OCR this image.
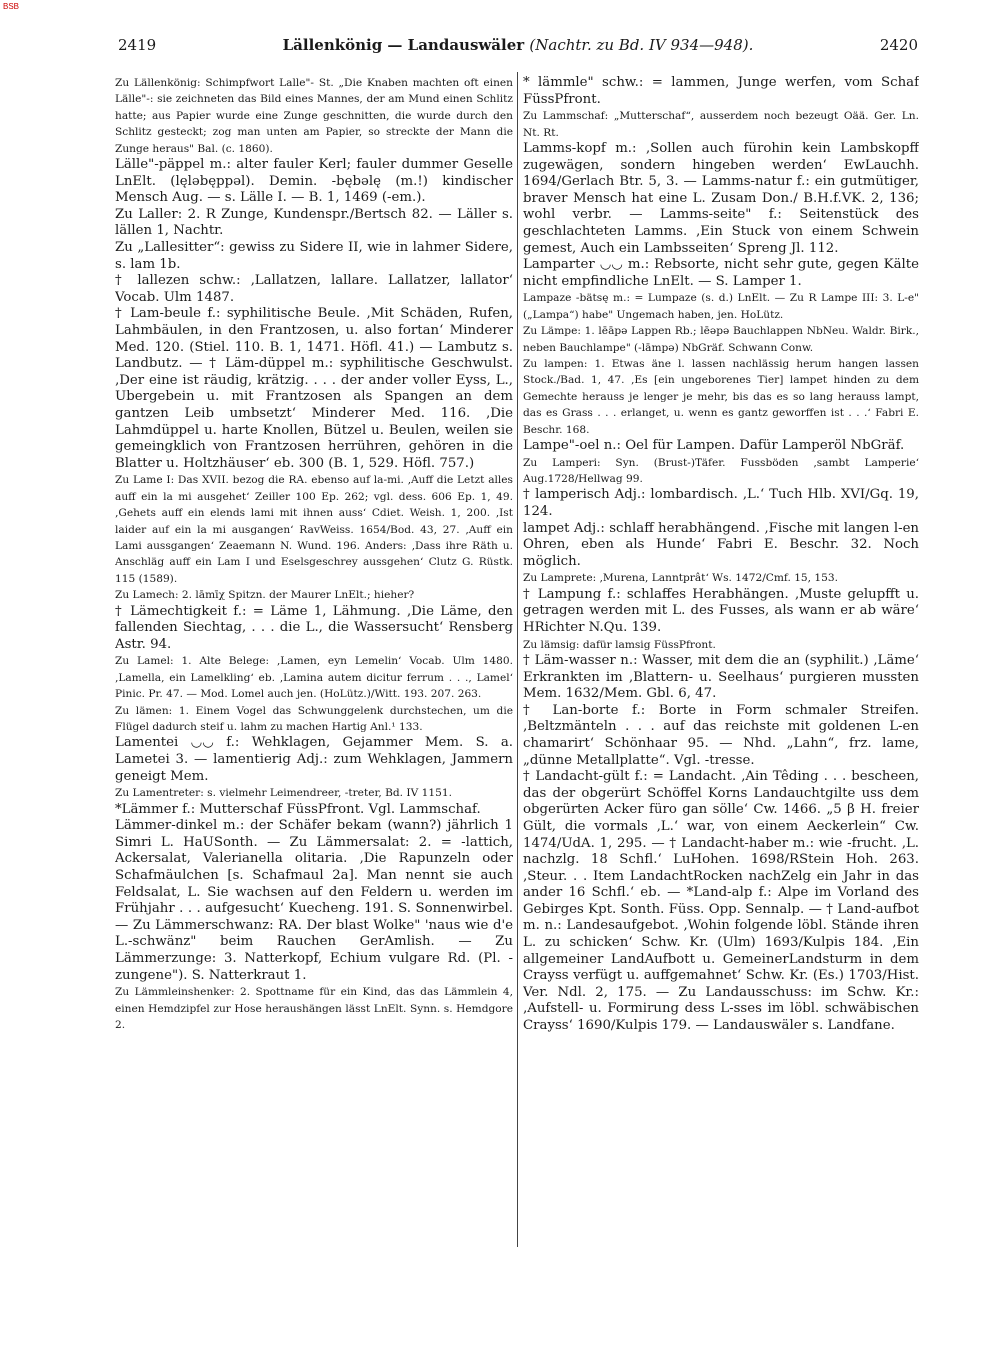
BSB
2419	Lällenkönig — Landauswäler (Nachtr. zu Bd. IV 934—948).	2420

Zu Lällenkönig: Schimpfwort Lalle"- St. „Die Knaben machten oft einen Lälle"-: sie zeichneten das Bild eines Mannes, der am Mund einen Schlitz hatte; aus Papier wurde eine Zunge geschnitten, die wurde durch den Schlitz gesteckt; zog man unten am Papier, so streckte der Mann die Zunge heraus" Bal. (c. 1860).

Lälle"-päppel m.: alter fauler Kerl; fauler dummer Geselle LnElt. (lęlәbęppәl). Demin. -bębәlę (m.!) kindischer Mensch Aug. — s. Lälle I. — B. 1, 1469 (-em.).

Zu Laller: 2. R Zunge, Kundenspr./Bertsch 82. — Läller s. lällen 1, Nachtr.

Zu „Lallesitter“: gewiss zu Sidere II, wie in lahmer Sidere, s. lam 1b.

† lallezen schw.: ‚Lallatzen, lallare. Lallatzer, lallator‘ Vocab. Ulm 1487.

† Lam-beule f.: syphilitische Beule. ‚Mit Schäden, Rufen, Lahmbäulen, in den Frantzosen, u. also fortan‘ Minderer Med. 120. (Stiel. 110. B. 1, 1471. Höfl. 41.) — Lambutz s. Landbutz. — † Läm-düppel m.: syphilitische Geschwulst. ‚Der eine ist räudig, krätzig. . . . der ander voller Eyss, L., Ubergebein u. mit Frantzosen als Spangen an dem gantzen Leib umbsetzt‘ Minderer Med. 116. ‚Die Lahmdüppel u. harte Knollen, Bützel u. Beulen, weilen sie gemeingklich von Frantzosen herrühren, gehören in die Blatter u. Holtzhäuser‘ eb. 300 (B. 1, 529. Höfl. 757.)

Zu Lame I: Das XVII. bezog die RA. ebenso auf la-mi. ‚Auff die Letzt alles auff ein la mi ausgehet‘ Zeiller 100 Ep. 262; vgl. dess. 606 Ep. 1, 49. ‚Gehets auff ein elends lami mit ihnen auss‘ Cdiet. Weish. 1, 200. ‚Ist laider auf ein la mi ausgangen‘ RavWeiss. 1654/Bod. 43, 27. ‚Auff ein Lami aussgangen‘ Zeaemann N. Wund. 196. Anders: ‚Dass ihre Räth u. Anschläg auff ein Lam I und Eselsgeschrey aussgehen‘ Clutz G. Rüstk. 115 (1589).

Zu Lamech: 2. lāmīχ Spitzn. der Maurer LnElt.; hieher?

† Lämechtigkeit f.: = Läme 1, Lähmung. ‚Die Läme, den fallenden Siechtag, . . . die L., die Wassersucht‘ Rensberg Astr. 94.

Zu Lamel: 1. Alte Belege: ‚Lamen, eyn Lemelin‘ Vocab. Ulm 1480. ‚Lamella, ein Lamelkling‘ eb. ‚Lamina autem dicitur ferrum . . ., Lamel‘ Pinic. Pr. 47. — Mod. Lomel auch jen. (HoLütz.)/Witt. 193. 207. 263.

Zu lämen: 1. Einem Vogel das Schwunggelenk durchstechen, um die Flügel dadurch steif u. lahm zu machen Hartig Anl.¹ 133.

Lamentei ◡◡ f.: Wehklagen, Gejammer Mem. S. a. Lametei 3. — lamentierig Adj.: zum Wehklagen, Jammern geneigt Mem.

Zu Lamentreter: s. vielmehr Leimendreer, -treter, Bd. IV 1151.

*Lämmer f.: Mutterschaf FüssPfront. Vgl. Lammschaf.

Lämmer-dinkel m.: der Schäfer bekam (wann?) jährlich 1 Simri L. HaUSonth. — Zu Lämmersalat: 2. = -lattich, Ackersalat, Valerianella olitaria. ‚Die Rapunzeln oder Schafmäulchen [s. Schafmaul 2a]. Man nennt sie auch Feldsalat, L. Sie wachsen auf den Feldern u. werden im Frühjahr . . . aufgesucht‘ Kuecheng. 191. S. Sonnenwirbel. — Zu Lämmerschwanz: RA. Der blast Wolke" 'naus wie d'e L.-schwänz" beim Rauchen GerAmlish. — Zu Lämmerzunge: 3. Natterkopf, Echium vulgare Rd. (Pl. -zungene"). S. Natterkraut 1.

Zu Lämmleinshenker: 2. Spottname für ein Kind, das das Lämmlein 4, einen Hemdzipfel zur Hose heraushängen lässt LnElt. Synn. s. Hemdgore 2.

* lämmle" schw.: = lammen, Junge werfen, vom Schaf FüssPfront.

Zu Lammschaf: „Mutterschaf“, ausserdem noch bezeugt Oää. Ger. Ln. Nt. Rt.

Lamms-kopf m.: ‚Sollen auch fürohin kein Lambskopff zugewägen, sondern hingeben werden‘ EwLauchh. 1694/Gerlach Btr. 5, 3. — Lamms-natur f.: ein gutmütiger, braver Mensch hat eine L. Zusam Don./ B.H.f.VK. 2, 136; wohl verbr. — Lamms-seite" f.: Seitenstück des geschlachteten Lamms. ‚Ein Stuck von einem Schwein gemest, Auch ein Lambsseiten‘ Spreng Jl. 112.

Lamparter ◡◡ m.: Rebsorte, nicht sehr gute, gegen Kälte nicht empfindliche LnElt. — S. Lamper 1.

Lampaze -bätsę m.: = Lumpaze (s. d.) LnElt. — Zu R Lampe III: 3. L-e" („Lampa“) habe" Ungemach haben, jen. HoLütz.

Zu Lämpe: 1. lēāpә Lappen Rb.; lēəpə Bauchlappen NbNeu. Waldr. Birk., neben Bauchlampe" (-lāmpə) NbGräf. Schwann Conw.

Zu lampen: 1. Etwas äne l. lassen nachlässig herum hangen lassen Stock./Bad. 1, 47. ‚Es [ein ungeborenes Tier] lampet hinden zu dem Gemechte herauss je lenger je mehr, bis das es so lang herauss lampt, das es Grass . . . erlanget, u. wenn es gantz geworffen ist . . .‘ Fabri E. Beschr. 168.

Lampe"-oel n.: Oel für Lampen. Dafür Lamperöl NbGräf.

Zu Lamperi: Syn. (Brust-)Täfer. Fussböden ‚sambt Lamperie‘ Aug.1728/Hellwag 99.

† lamperisch Adj.: lombardisch. ‚L.‘ Tuch Hlb. XVI/Gq. 19, 124.

lampet Adj.: schlaff herabhängend. ‚Fische mit langen l-en Ohren, eben als Hunde‘ Fabri E. Beschr. 32. Noch möglich.

Zu Lamprete: ‚Murena, Lanntprât‘ Ws. 1472/Cmf. 15, 153.

† Lampung f.: schlaffes Herabhängen. ‚Muste gelupfft u. getragen werden mit L. des Fusses, als wann er ab wäre‘ HRichter N.Qu. 139.

Zu lämsig: dafür lamsig FüssPfront.

† Läm-wasser n.: Wasser, mit dem die an (syphilit.) ‚Läme‘ Erkrankten im ‚Blattern- u. Seelhaus‘ purgieren mussten Mem. 1632/Mem. Gbl. 6, 47.

† Lan-borte f.: Borte in Form schmaler Streifen. ‚Beltzmänteln . . . auf das reichste mit goldenen L-en chamarirt‘ Schönhaar 95. — Nhd. „Lahn“, frz. lame, „dünne Metallplatte“. Vgl. -tresse.

† Landacht-gült f.: = Landacht. ‚Ain Têding . . . bescheen, das der obgerürt Schöffel Korns Landauchtgilte uss dem obgerürten Acker füro gan sölle‘ Cw. 1466. „5 β H. freier Gült, die vormals ‚L.‘ war, von einem Aeckerlein“ Cw. 1474/UdA. 1, 295. — † Landacht-haber m.: wie -frucht. ‚L. nachzlg. 18 Schfl.‘ LuHohen. 1698/RStein Hoh. 263. ‚Steur. . . Item LandachtRocken nachZelg ein Jahr in das ander 16 Schfl.‘ eb. — *Land-alp f.: Alpe im Vorland des Gebirges Kpt. Sonth. Füss. Opp. Sennalp. — † Land-aufbot m. n.: Landesaufgebot. ‚Wohin folgende löbl. Stände ihren L. zu schicken‘ Schw. Kr. (Ulm) 1693/Kulpis 184. ‚Ein allgemeiner LandAufbott u. GemeinerLandsturm in dem Crayss verfügt u. auffgemahnet‘ Schw. Kr. (Es.) 1703/Hist. Ver. Ndl. 2, 175. — Zu Landausschuss: im Schw. Kr.: ‚Aufstell- u. Formirung dess L-sses im löbl. schwäbischen Crayss‘ 1690/Kulpis 179. — Landauswäler s. Landfane.
